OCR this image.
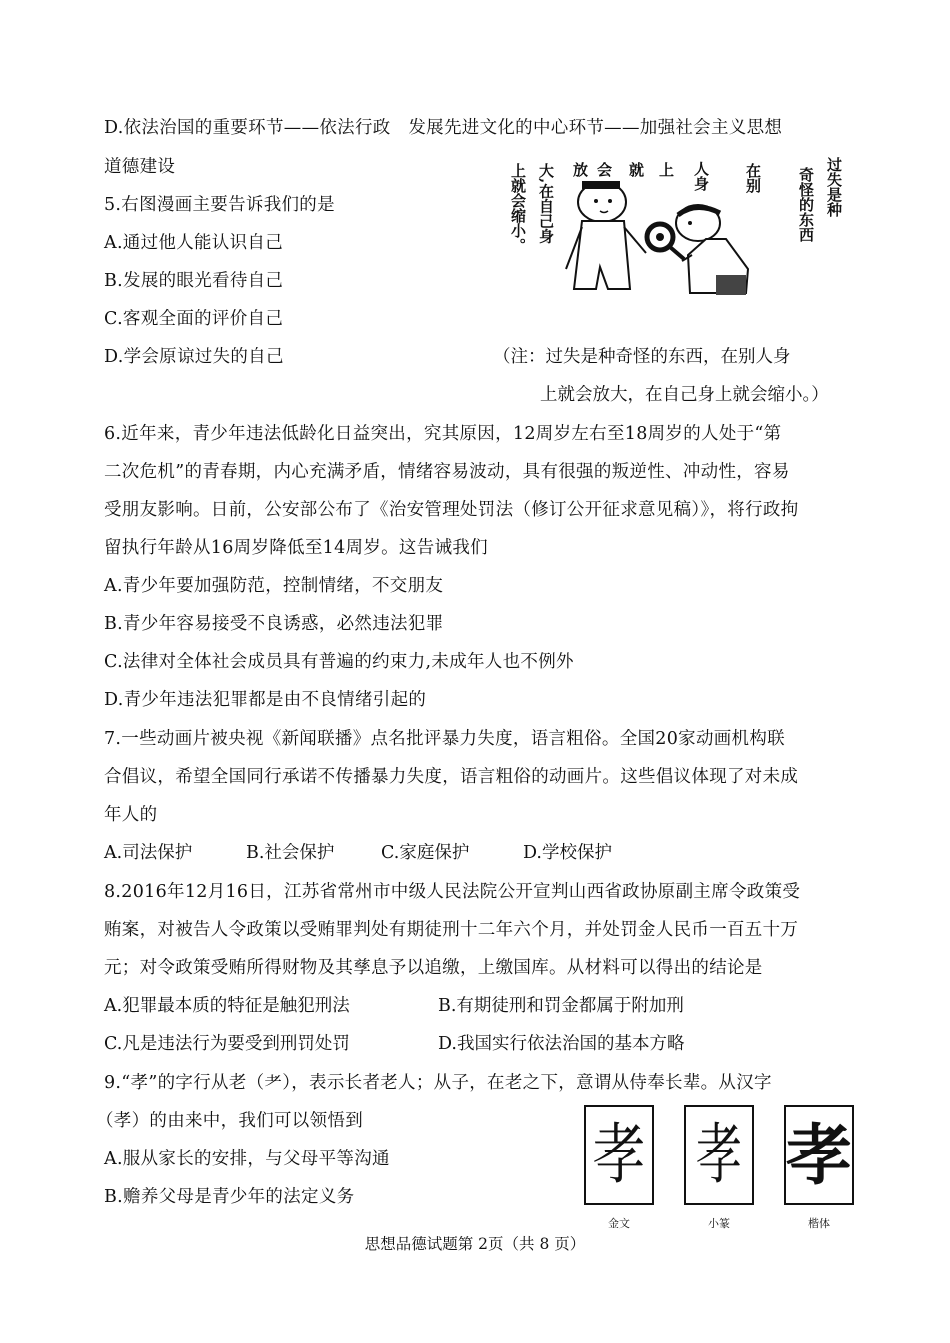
D.依法治国的重要环节——依法行政　发展先进文化的中心环节——加强社会主义思想
道德建设
5.右图漫画主要告诉我们的是
A.通过他人能认识自己
B.发展的眼光看待自己
C.客观全面的评价自己
D.学会原谅过失的自己
过失是种
奇怪的东西
在别
人身
上
就
会
放
大,在自己身
上就会缩小。
（注：过失是种奇怪的东西，在别人身
上就会放大，在自己身上就会缩小。）
6.近年来，青少年违法低龄化日益突出，究其原因，12周岁左右至18周岁的人处于“第
二次危机”的青春期，内心充满矛盾，情绪容易波动，具有很强的叛逆性、冲动性，容易
受朋友影响。日前，公安部公布了《治安管理处罚法（修订公开征求意见稿）》，将行政拘
留执行年龄从16周岁降低至14周岁。这告诫我们
A.青少年要加强防范，控制情绪，不交朋友
B.青少年容易接受不良诱惑，必然违法犯罪
C.法律对全体社会成员具有普遍的约束力,未成年人也不例外
D.青少年违法犯罪都是由不良情绪引起的
7.一些动画片被央视《新闻联播》点名批评暴力失度，语言粗俗。全国20家动画机构联
合倡议，希望全国同行承诺不传播暴力失度，语言粗俗的动画片。这些倡议体现了对未成
年人的
A.司法保护	B.社会保护	C.家庭保护	D.学校保护
8.2016年12月16日，江苏省常州市中级人民法院公开宣判山西省政协原副主席令政策受
贿案，对被告人令政策以受贿罪判处有期徒刑十二年六个月，并处罚金人民币一百五十万
元；对令政策受贿所得财物及其孳息予以追缴，上缴国库。从材料可以得出的结论是
A.犯罪最本质的特征是触犯刑法	B.有期徒刑和罚金都属于附加刑
C.凡是违法行为要受到刑罚处罚	D.我国实行依法治国的基本方略
9.“孝”的字行从老（耂），表示长者老人；从子，在老之下，意谓从侍奉长辈。从汉字
（孝）的由来中，我们可以领悟到
A.服从家长的安排，与父母平等沟通
B.赡养父母是青少年的法定义务
孝 孝 孝
金文	小篆	楷体
思想品德试题第 2页（共 8 页）
